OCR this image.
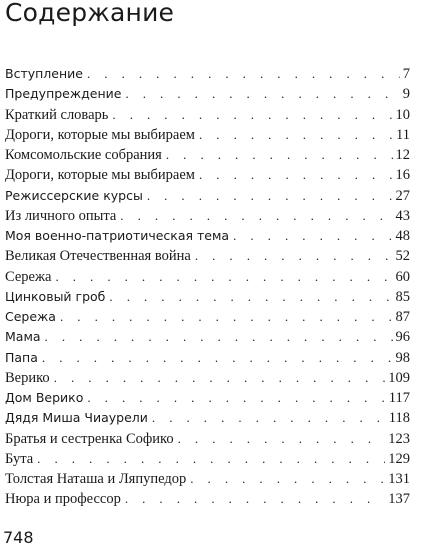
Содержание
Вступление . . .	7
Предупреждение . . .	9
Краткий словарь . . .	10
Дороги, которые мы выбираем . . .	11
Комсомольские собрания . . .	12
Дороги, которые мы выбираем . . .	16
Режиссерские курсы . . .	27
Из личного опыта . . .	43
Моя военно-патриотическая тема . . .	48
Великая Отечественная война . . .	52
Сережа . . .	60
Цинковый гроб . . .	85
Сережа . . .	87
Мама . . .	96
Папа . . .	98
Верико . . .	109
Дом Верико . . .	117
Дядя Миша Чиаурели . . .	118
Братья и сестренка Софико . . .	123
Бута . . .	129
Толстая Наташа и Ляпупедор . . .	131
Нюра и профессор . . .	137
748
